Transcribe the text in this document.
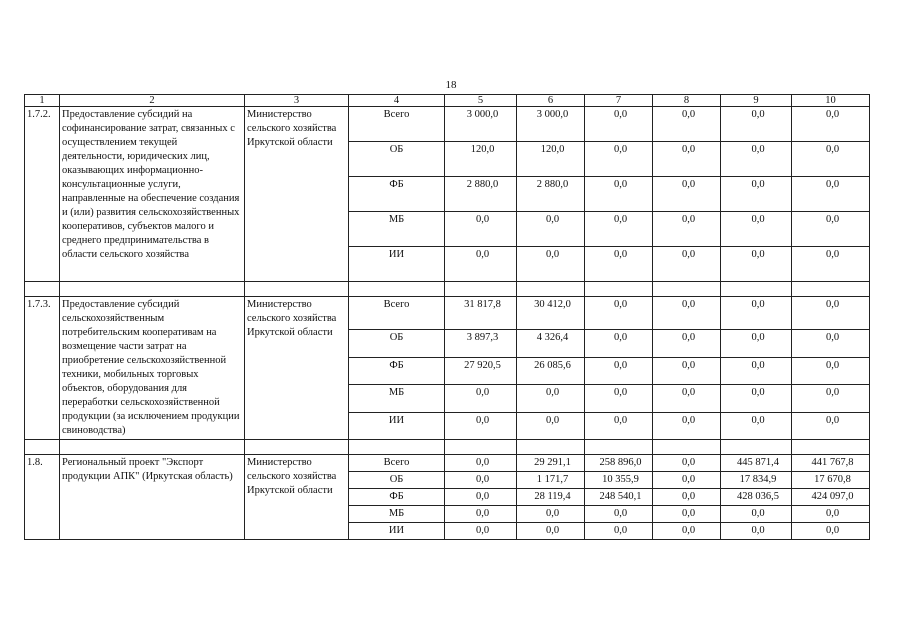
18
1	2	3	4	5	6	7	8	9	10
1.7.2.	Предоставление субсидий на софинансирование затрат, связанных с осуществлением текущей деятельности, юридических лиц, оказывающих информационно-консультационные услуги, направленные на обеспечение создания и (или) развития сельскохозяйственных кооперативов, субъектов малого и среднего предпринимательства в области сельского хозяйства	Министерство сельского хозяйства Иркутской области	Всего	3 000,0	3 000,0	0,0	0,0	0,0	0,0
			ОБ	120,0	120,0	0,0	0,0	0,0	0,0
			ФБ	2 880,0	2 880,0	0,0	0,0	0,0	0,0
			МБ	0,0	0,0	0,0	0,0	0,0	0,0
			ИИ	0,0	0,0	0,0	0,0	0,0	0,0

1.7.3.	Предоставление субсидий сельскохозяйственным потребительским кооперативам на возмещение части затрат на приобретение сельскохозяйственной техники, мобильных торговых объектов, оборудования для переработки сельскохозяйственной продукции (за исключением продукции свиноводства)	Министерство сельского хозяйства Иркутской области	Всего	31 817,8	30 412,0	0,0	0,0	0,0	0,0
			ОБ	3 897,3	4 326,4	0,0	0,0	0,0	0,0
			ФБ	27 920,5	26 085,6	0,0	0,0	0,0	0,0
			МБ	0,0	0,0	0,0	0,0	0,0	0,0
			ИИ	0,0	0,0	0,0	0,0	0,0	0,0

1.8.	Региональный проект "Экспорт продукции АПК" (Иркутская область)	Министерство сельского хозяйства Иркутской области	Всего	0,0	29 291,1	258 896,0	0,0	445 871,4	441 767,8
			ОБ	0,0	1 171,7	10 355,9	0,0	17 834,9	17 670,8
			ФБ	0,0	28 119,4	248 540,1	0,0	428 036,5	424 097,0
			МБ	0,0	0,0	0,0	0,0	0,0	0,0
			ИИ	0,0	0,0	0,0	0,0	0,0	0,0
